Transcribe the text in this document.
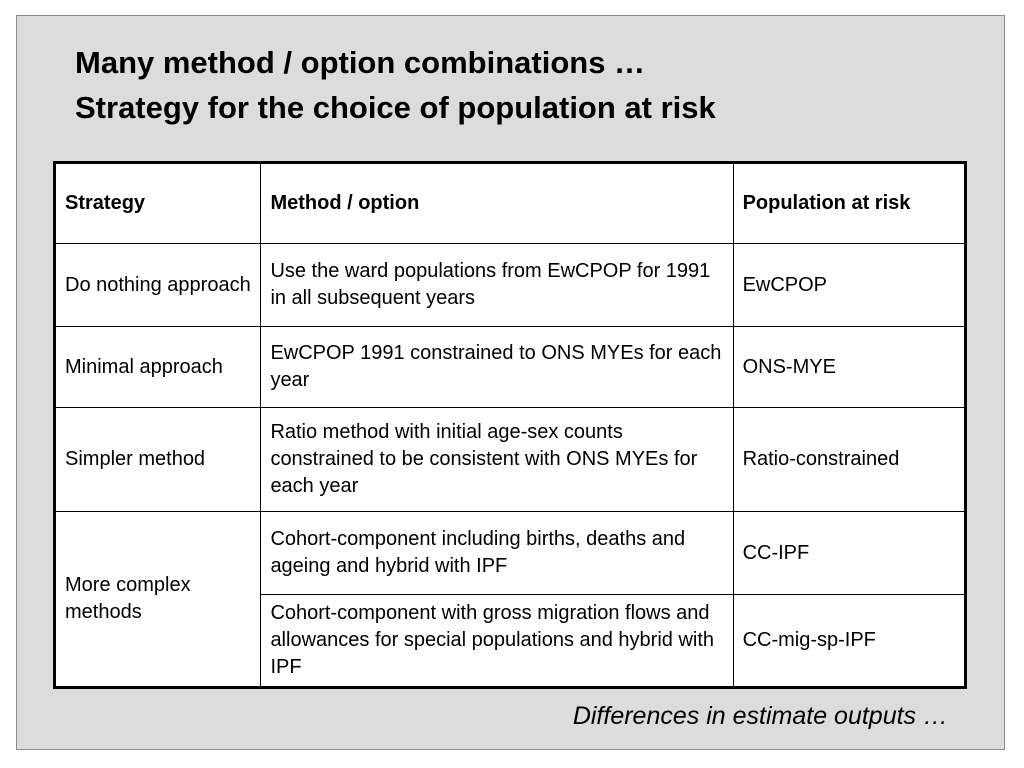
Many method / option combinations …
Strategy for the choice of population at risk
Strategy	Method / option	Population at risk
Do nothing approach	Use the ward populations from EwCPOP for 1991 in all subsequent years	EwCPOP
Minimal approach	EwCPOP 1991 constrained to ONS MYEs for each year	ONS-MYE
Simpler method	Ratio method with initial age-sex counts constrained to be consistent with ONS MYEs for each year	Ratio-constrained
More complex methods	Cohort-component including births, deaths and ageing and hybrid with IPF	CC-IPF
	Cohort-component with gross migration flows and allowances for special populations and hybrid with IPF	CC-mig-sp-IPF

Differences in estimate outputs …
